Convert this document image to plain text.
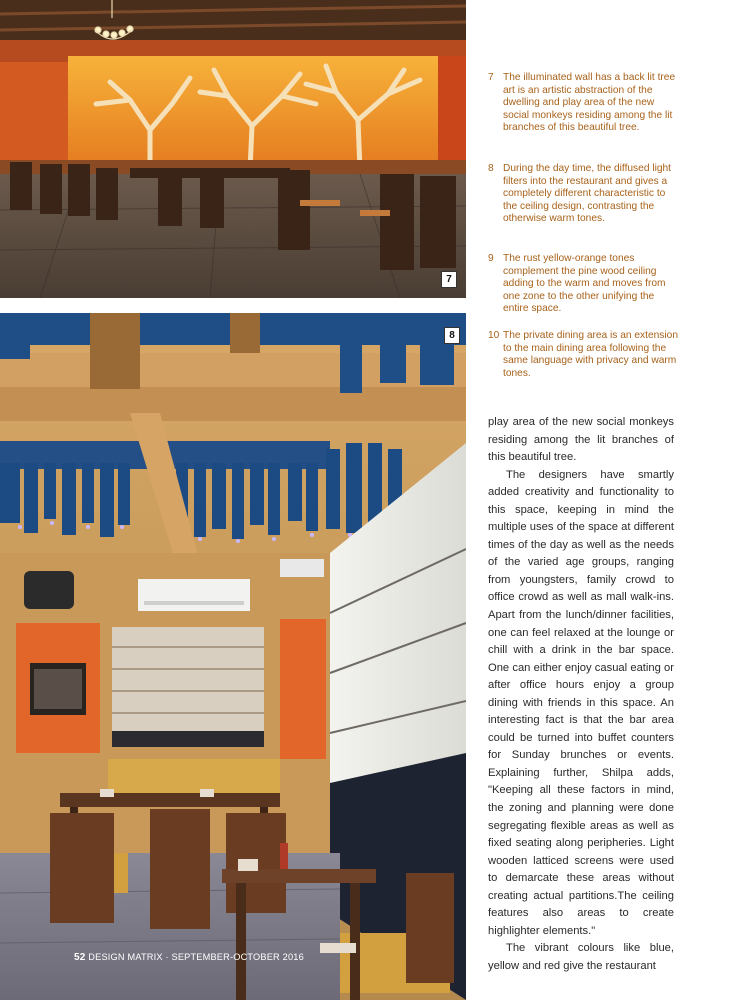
7
8
7 The illuminated wall has a back lit tree art is an artistic abstraction of the dwelling and play area of the new social monkeys residing among the lit branches of this beautiful tree.
8 During the day time, the diffused light filters into the restaurant and gives a completely different characteristic to the ceiling design, contrasting the otherwise warm tones.
9 The rust yellow-orange tones complement the pine wood ceiling adding to the warm and moves from one zone to the other unifying the entire space.
10 The private dining area is an extension to the main dining area following the same language with privacy and warm tones.

play area of the new social monkeys residing among the lit branches of this beautiful tree.

The designers have smartly added creativity and functionality to this space, keeping in mind the multiple uses of the space at different times of the day as well as the needs of the varied age groups, ranging from youngsters, family crowd to office crowd as well as mall walk-ins. Apart from the lunch/dinner facilities, one can feel relaxed at the lounge or chill with a drink in the bar space. One can either enjoy casual eating or after office hours enjoy a group dining with friends in this space. An interesting fact is that the bar area could be turned into buffet counters for Sunday brunches or events. Explaining further, Shilpa adds, "Keeping all these factors in mind, the zoning and planning were done segregating flexible areas as well as fixed seating along peripheries. Light wooden latticed screens were used to demarcate these areas without creating actual partitions.The ceiling features also areas to create highlighter elements."

The vibrant colours like blue, yellow and red give the restaurant

52 DESIGN MATRIX · SEPTEMBER-OCTOBER 2016
